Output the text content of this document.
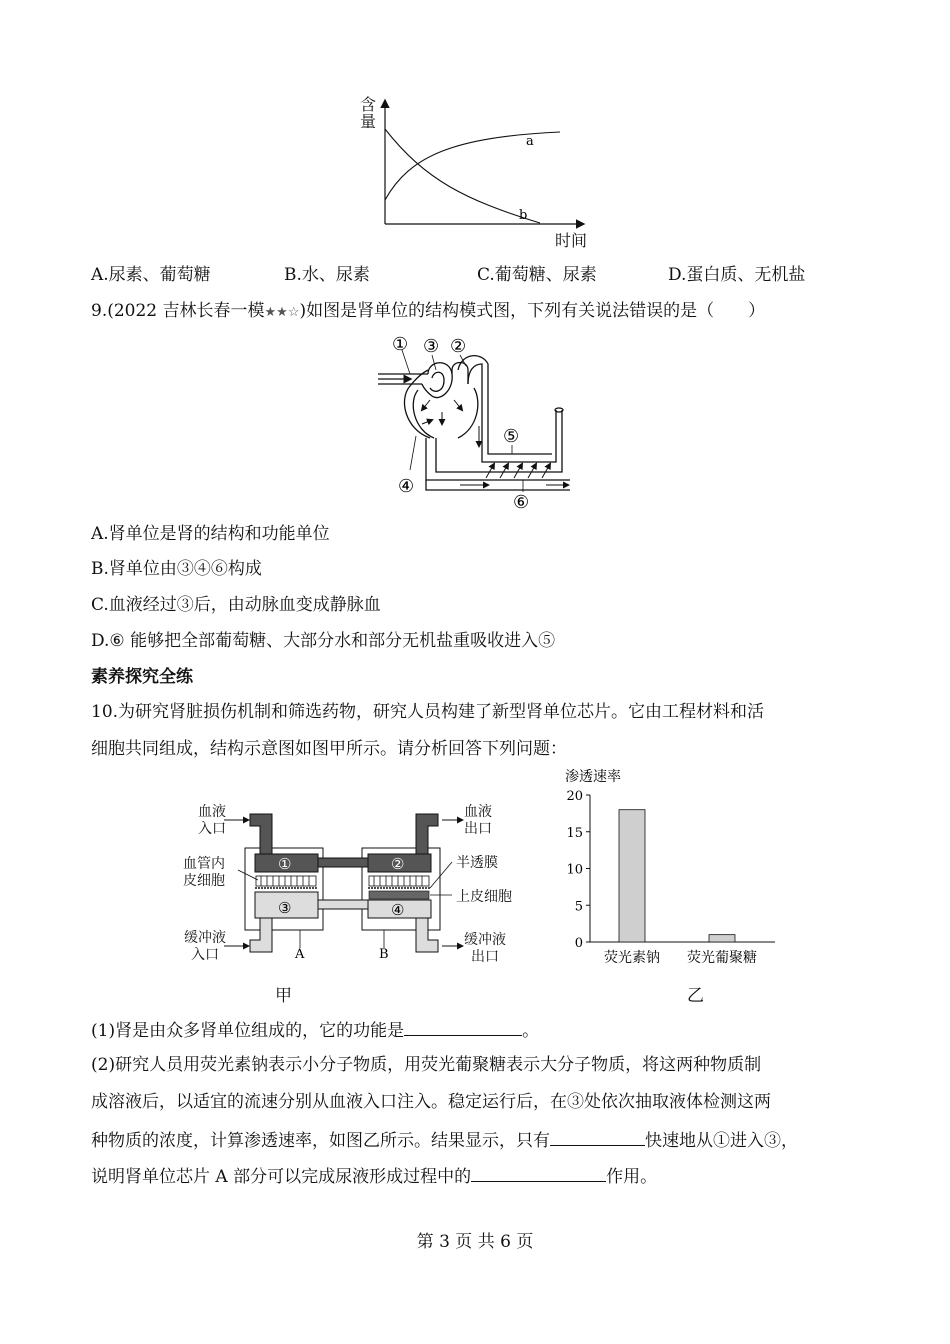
a
b
含量
时间
A.尿素、葡萄糖	B.水、尿素	C.葡萄糖、尿素	D.蛋白质、无机盐
9.(2022 吉林长春一模★★☆)如图是肾单位的结构模式图，下列有关说法错误的是（　　）
① ③ ②
⑤
④
⑥
A.肾单位是肾的结构和功能单位
B.肾单位由③④⑥构成
C.血液经过③后，由动脉血变成静脉血
D.⑥ 能够把全部葡萄糖、大部分水和部分无机盐重吸收进入⑤
素养探究全练
10.为研究肾脏损伤机制和筛选药物，研究人员构建了新型肾单位芯片。它由工程材料和活
细胞共同组成，结构示意图如图甲所示。请分析回答下列问题：
①	②
③	④
A	B
血液
入口
血液
出口
血管内
皮细胞
半透膜
上皮细胞
缓冲液
入口
缓冲液
出口
甲
渗透速率
0
5
10
15
20
荧光素钠 荧光葡聚糖
乙
(1)肾是由众多肾单位组成的，它的功能是	。
(2)研究人员用荧光素钠表示小分子物质，用荧光葡聚糖表示大分子物质，将这两种物质制
成溶液后，以适宜的流速分别从血液入口注入。稳定运行后，在③处依次抽取液体检测这两
种物质的浓度，计算渗透速率，如图乙所示。结果显示，只有	快速地从①进入③，
说明肾单位芯片 A 部分可以完成尿液形成过程中的	作用。
第 3 页 共 6 页
